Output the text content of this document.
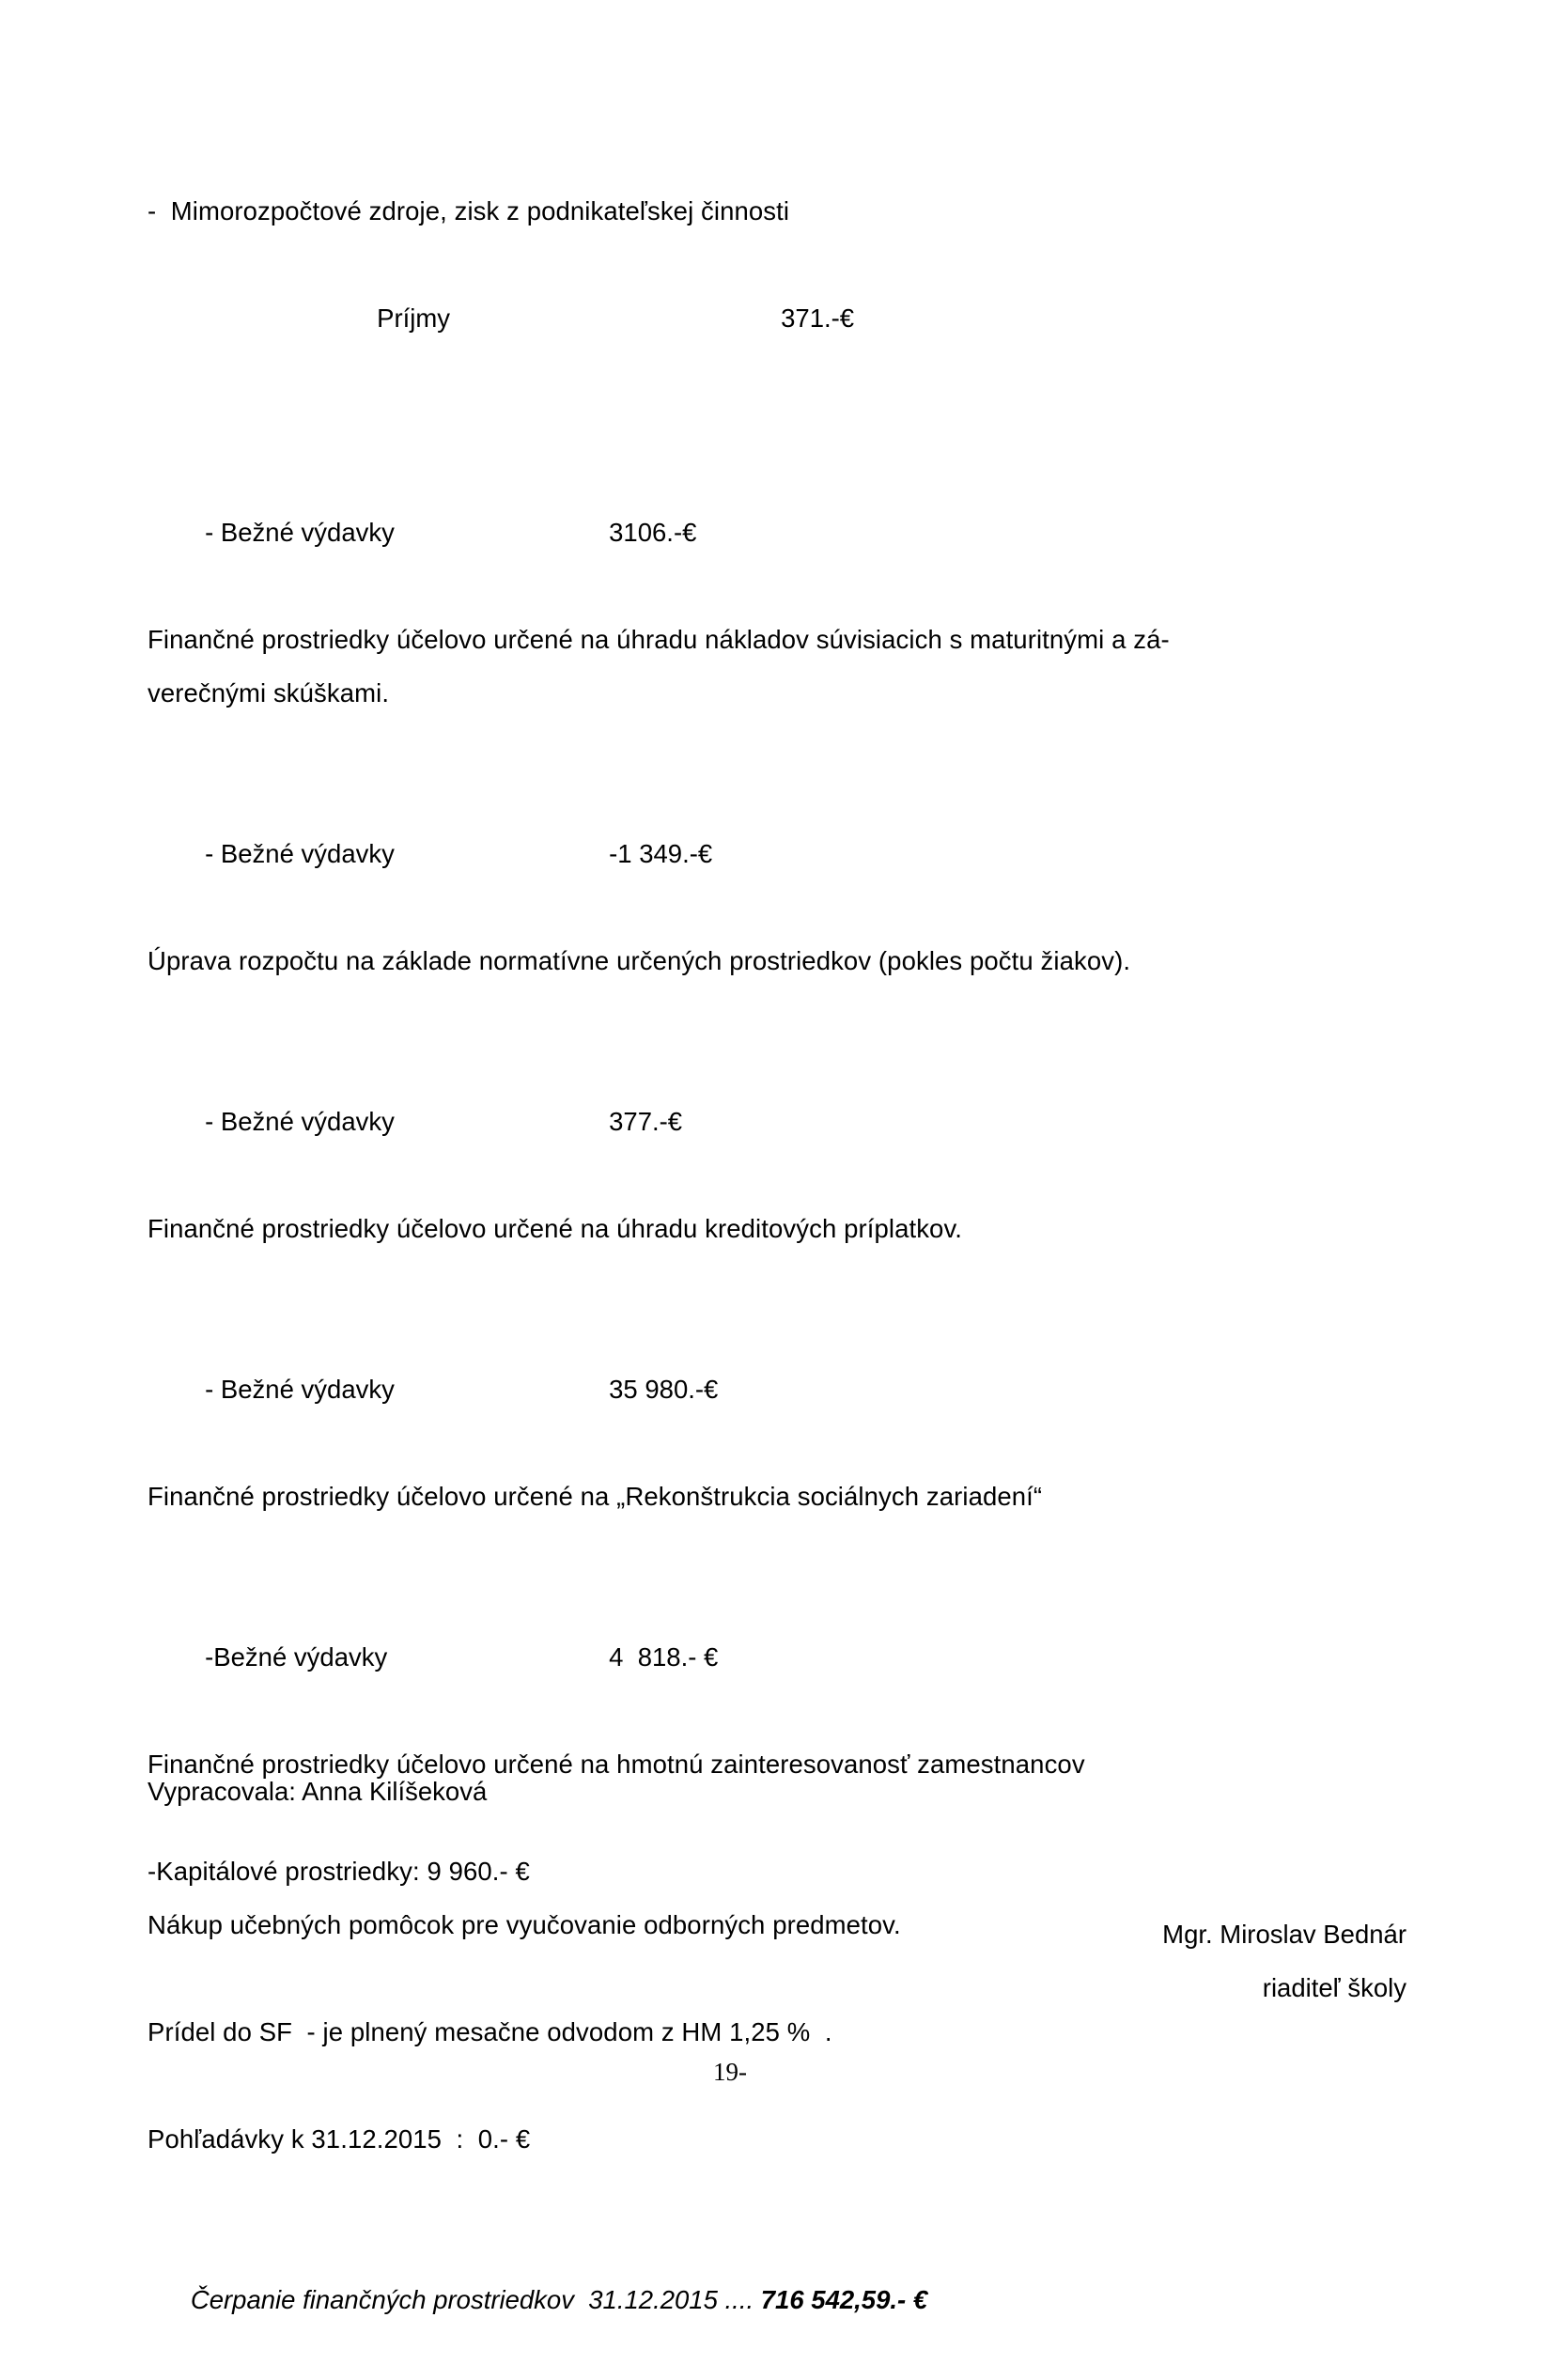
-  Mimorozpočtové zdroje, zisk z podnikateľskej činnosti

Príjmy	371.-€

- Bežné výdavky	3106.-€

Finančné prostriedky účelovo určené na úhradu nákladov súvisiacich s maturitnými a zá-
verečnými skúškami.

- Bežné výdavky	-1 349.-€

Úprava rozpočtu na základe normatívne určených prostriedkov (pokles počtu žiakov).

- Bežné výdavky	377.-€

Finančné prostriedky účelovo určené na úhradu kreditových príplatkov.

- Bežné výdavky	35 980.-€

Finančné prostriedky účelovo určené na „Rekonštrukcia sociálnych zariadení“

-Bežné výdavky	4  818.- €

Finančné prostriedky účelovo určené na hmotnú zainteresovanosť zamestnancov
-Kapitálové prostriedky: 9 960.- €
Nákup učebných pomôcok pre vyučovanie odborných predmetov.
Prídel do SF  - je plnený mesačne odvodom z HM 1,25 %  .
Pohľadávky k 31.12.2015  :  0.- €

Čerpanie finančných prostriedkov  31.12.2015 .... 716 542,59.- €

Vypracovala: Anna Kilíšeková
Mgr. Miroslav Bednár
riaditeľ školy
19-
